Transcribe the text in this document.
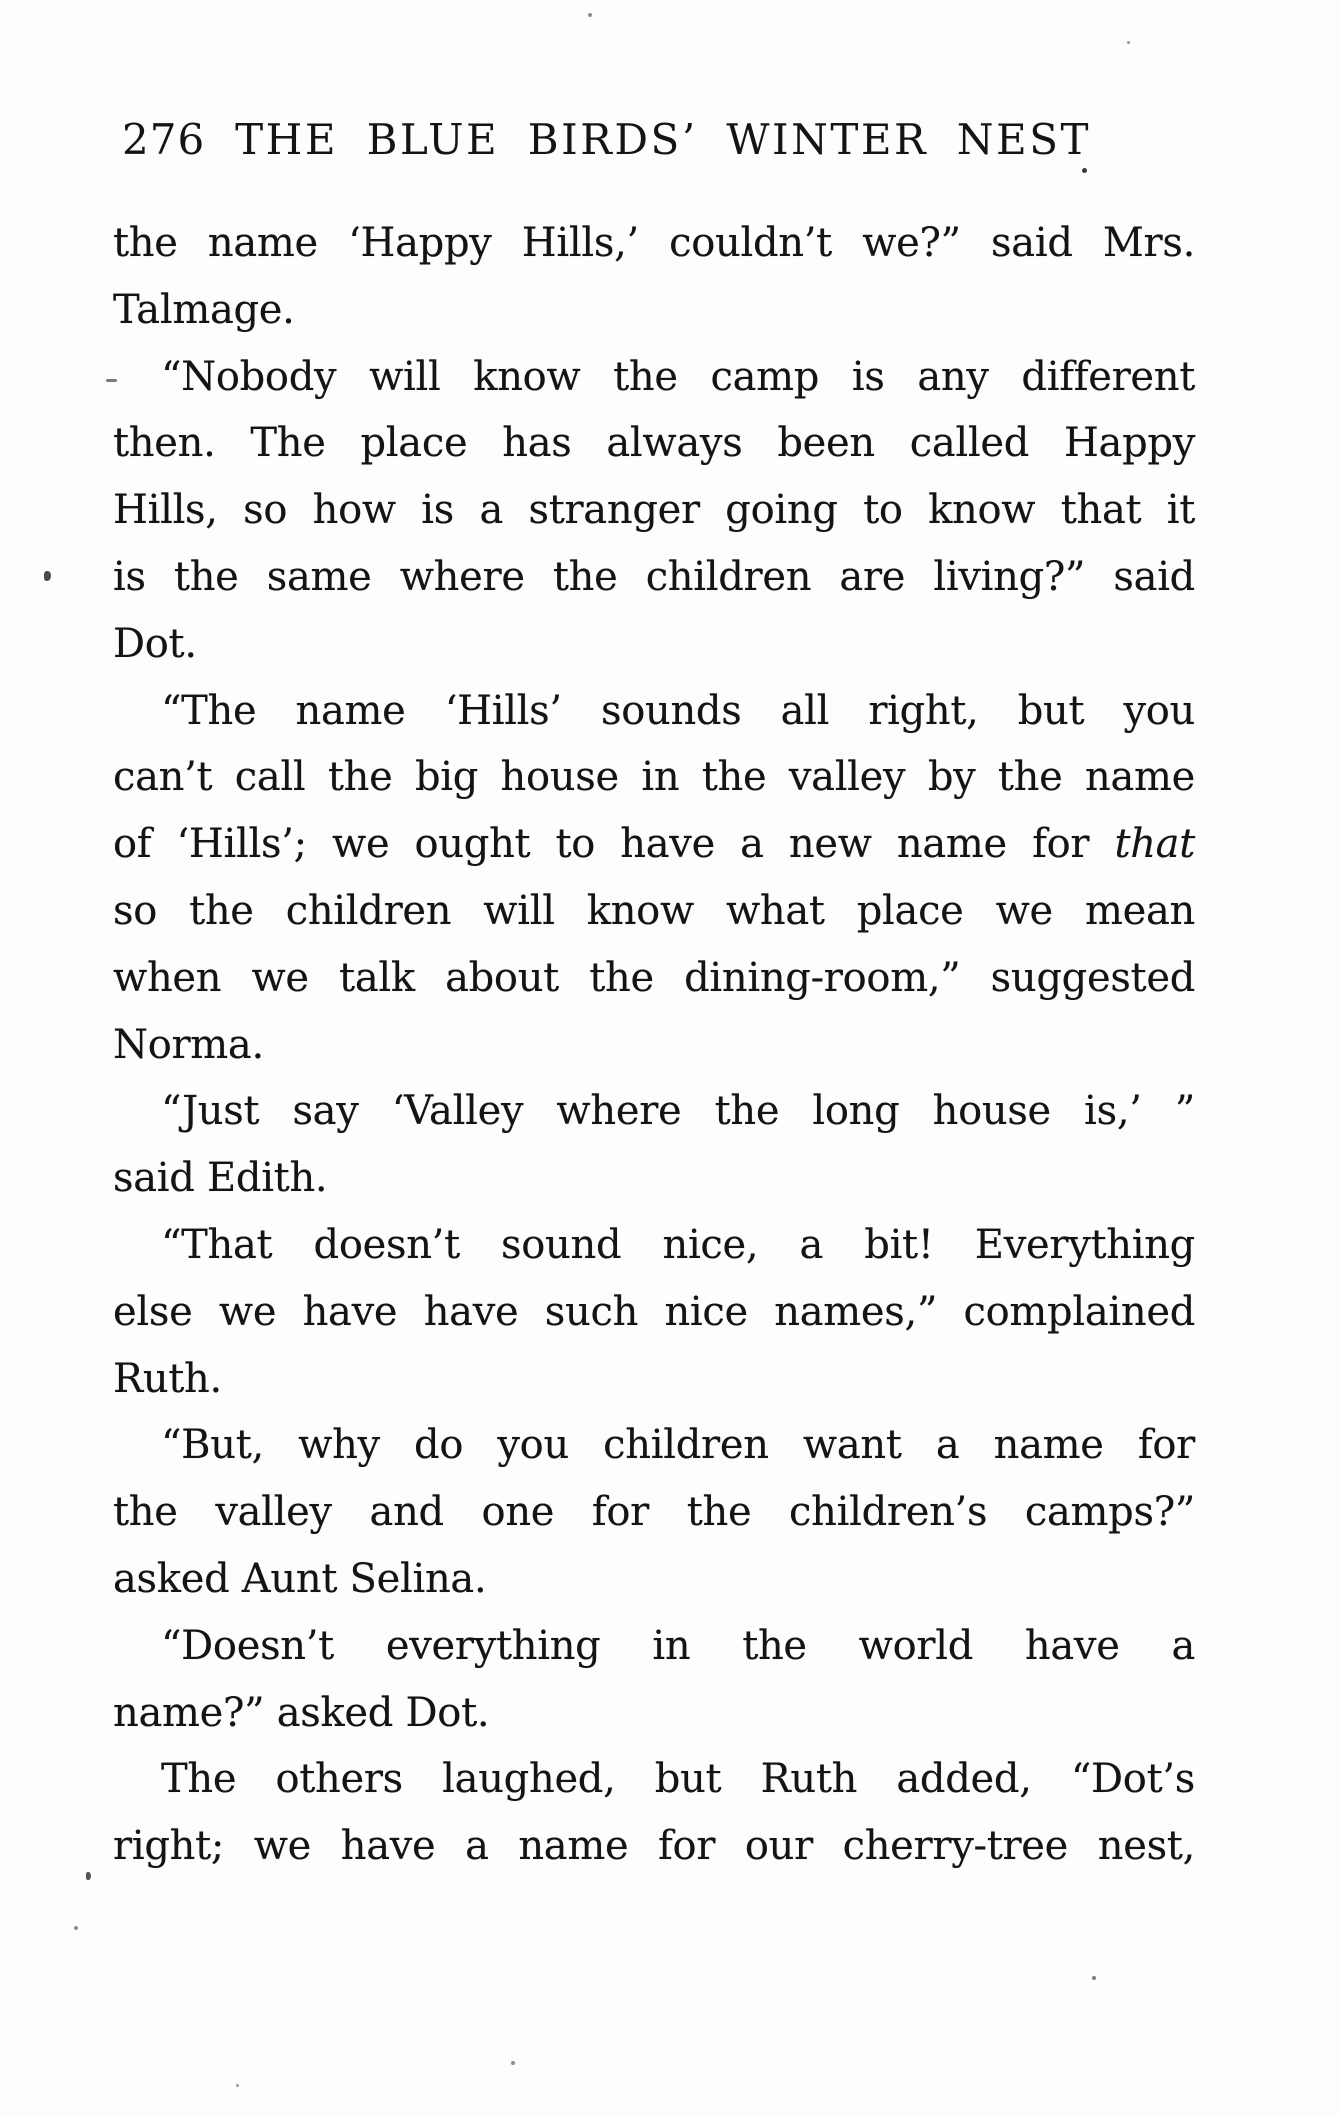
276 THE BLUE BIRDS’ WINTER NEST
the name ‘Happy Hills,’ couldn’t we?” said Mrs.
Talmage.
“Nobody will know the camp is any different
then. The place has always been called Happy
Hills, so how is a stranger going to know that it
is the same where the children are living?” said
Dot.
“The name ‘Hills’ sounds all right, but you
can’t call the big house in the valley by the name
of ‘Hills’; we ought to have a new name for that
so the children will know what place we mean
when we talk about the dining-room,” suggested
Norma.
“Just say ‘Valley where the long house is,’ ”
said Edith.
“That doesn’t sound nice, a bit! Everything
else we have have such nice names,” complained
Ruth.
“But, why do you children want a name for
the valley and one for the children’s camps?”
asked Aunt Selina.
“Doesn’t everything in the world have a
name?” asked Dot.
The others laughed, but Ruth added, “Dot’s
right; we have a name for our cherry-tree nest,
